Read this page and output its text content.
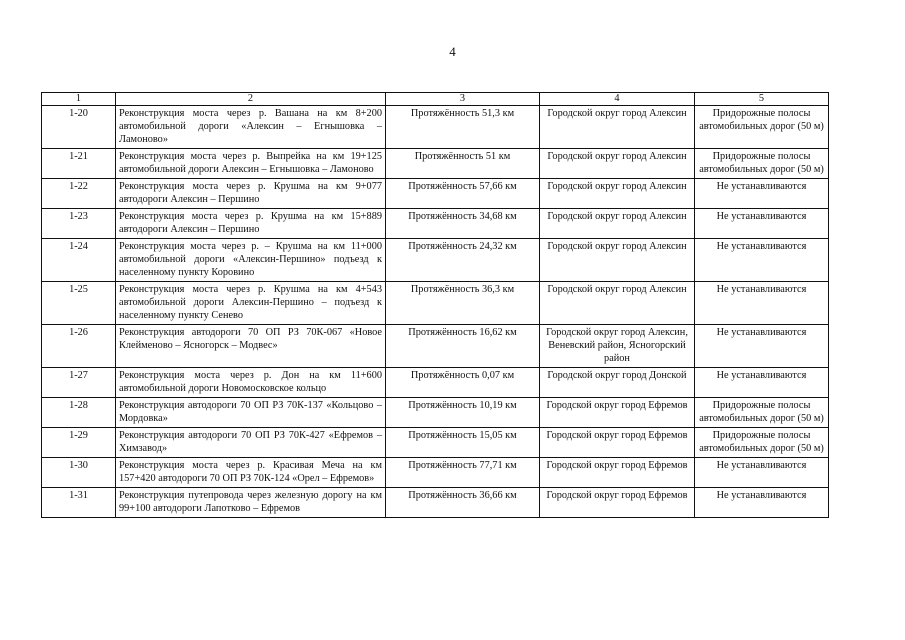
4
1	2	3	4	5
1-20	Реконструкция моста через р. Вашана на км 8+200 автомобильной дороги «Алексин – Егнышовка – Ламоново»	Протяжённость 51,3 км	Городской округ город Алексин	Придорожные полосы автомобильных дорог (50 м)
1-21	Реконструкция моста через р. Выпрейка на км 19+125 автомобильной дороги Алексин – Егнышовка – Ламоново	Протяжённость 51 км	Городской округ город Алексин	Придорожные полосы автомобильных дорог (50 м)
1-22	Реконструкция моста через р. Крушма на км 9+077 автодороги Алексин – Першино	Протяжённость 57,66 км	Городской округ город Алексин	Не устанавливаются
1-23	Реконструкция моста через р. Крушма на км 15+889 автодороги Алексин – Першино	Протяжённость 34,68 км	Городской округ город Алексин	Не устанавливаются
1-24	Реконструкция моста через р. – Крушма на км 11+000 автомобильной дороги «Алексин-Першино» подъезд к населенному пункту Коровино	Протяжённость 24,32 км	Городской округ город Алексин	Не устанавливаются
1-25	Реконструкция моста через р. Крушма на км 4+543 автомобильной дороги Алексин-Першино – подъезд к населенному пункту Сенево	Протяжённость 36,3 км	Городской округ город Алексин	Не устанавливаются
1-26	Реконструкция автодороги 70 ОП РЗ 70К-067 «Новое Клейменово – Ясногорск – Модвес»	Протяжённость 16,62 км	Городской округ город Алексин, Веневский район, Ясногорский район	Не устанавливаются
1-27	Реконструкция моста через р. Дон на км 11+600 автомобильной дороги Новомосковское кольцо	Протяжённость 0,07 км	Городской округ город Донской	Не устанавливаются
1-28	Реконструкция автодороги 70 ОП РЗ 70К-137 «Кольцово – Мордовка»	Протяжённость 10,19 км	Городской округ город Ефремов	Придорожные полосы автомобильных дорог (50 м)
1-29	Реконструкция автодороги 70 ОП РЗ 70К-427 «Ефремов – Химзавод»	Протяжённость 15,05 км	Городской округ город Ефремов	Придорожные полосы автомобильных дорог (50 м)
1-30	Реконструкция моста через р. Красивая Меча на км 157+420 автодороги 70 ОП РЗ 70К-124 «Орел – Ефремов»	Протяжённость 77,71 км	Городской округ город Ефремов	Не устанавливаются
1-31	Реконструкция путепровода через железную дорогу на км 99+100 автодороги Лапотково – Ефремов	Протяжённость 36,66 км	Городской округ город Ефремов	Не устанавливаются
